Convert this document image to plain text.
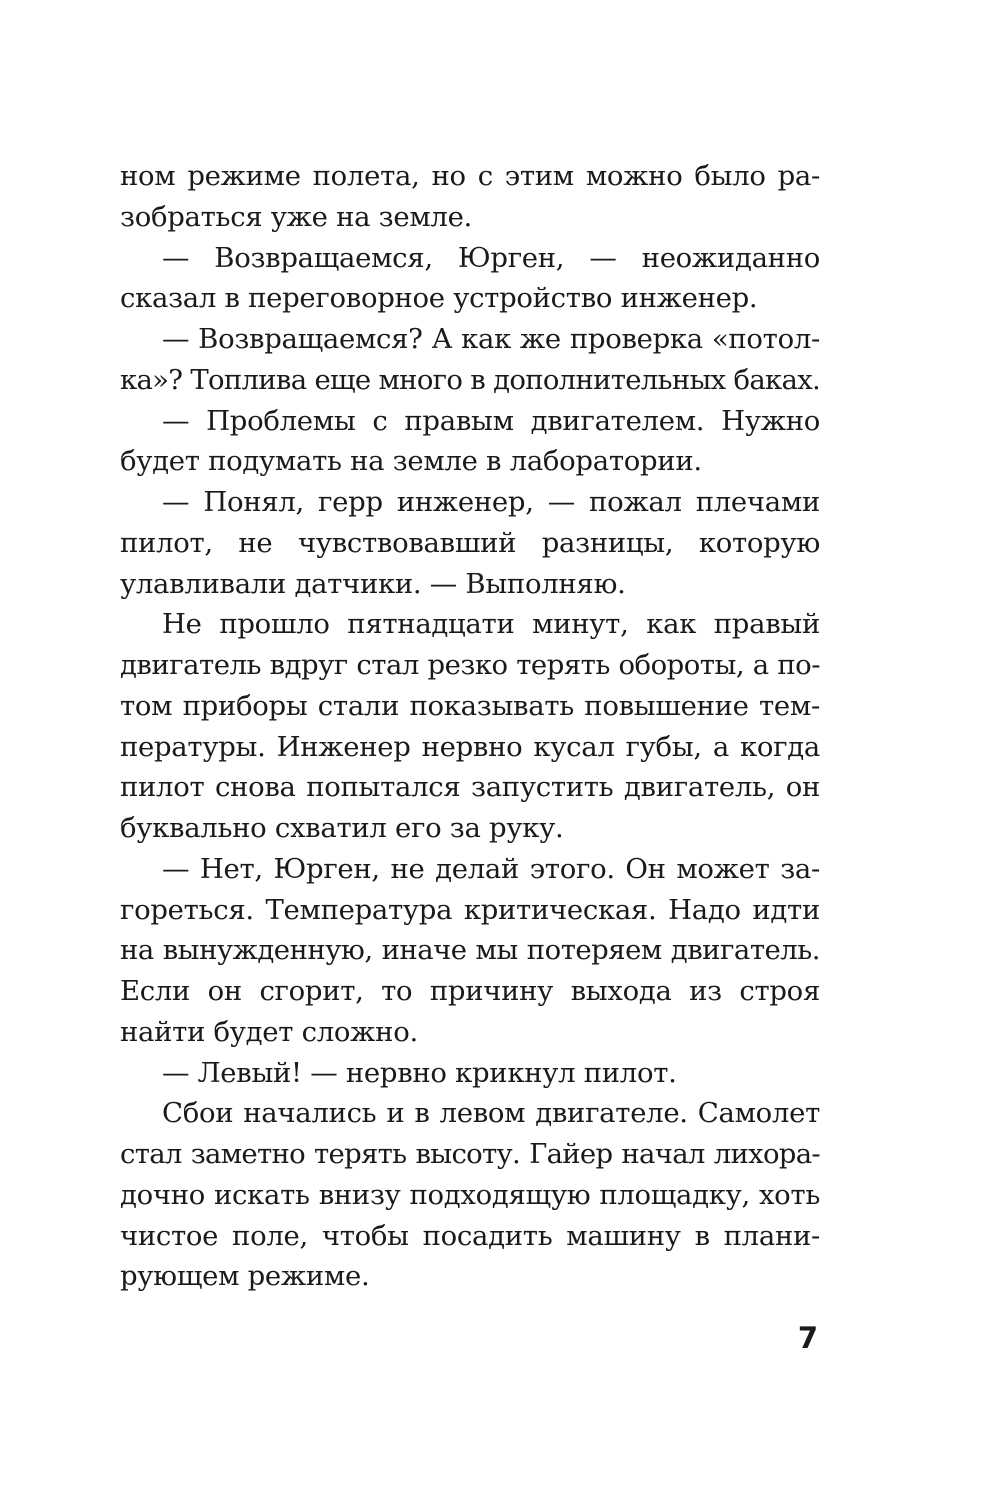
ном режиме полета, но с этим можно было ра-
зобраться уже на земле.
— Возвращаемся, Юрген, — неожиданно
сказал в переговорное устройство инженер.
— Возвращаемся? А как же проверка «потол-
ка»? Топлива еще много в дополнительных баках.
— Проблемы с правым двигателем. Нужно
будет подумать на земле в лаборатории.
— Понял, герр инженер, — пожал плечами
пилот, не чувствовавший разницы, которую
улавливали датчики. — Выполняю.
Не прошло пятнадцати минут, как правый
двигатель вдруг стал резко терять обороты, а по-
том приборы стали показывать повышение тем-
пературы. Инженер нервно кусал губы, а когда
пилот снова попытался запустить двигатель, он
буквально схватил его за руку.
— Нет, Юрген, не делай этого. Он может за-
гореться. Температура критическая. Надо идти
на вынужденную, иначе мы потеряем двигатель.
Если он сгорит, то причину выхода из строя
найти будет сложно.
— Левый! — нервно крикнул пилот.
Сбои начались и в левом двигателе. Самолет
стал заметно терять высоту. Гайер начал лихора-
дочно искать внизу подходящую площадку, хоть
чистое поле, чтобы посадить машину в плани-
рующем режиме.
7
